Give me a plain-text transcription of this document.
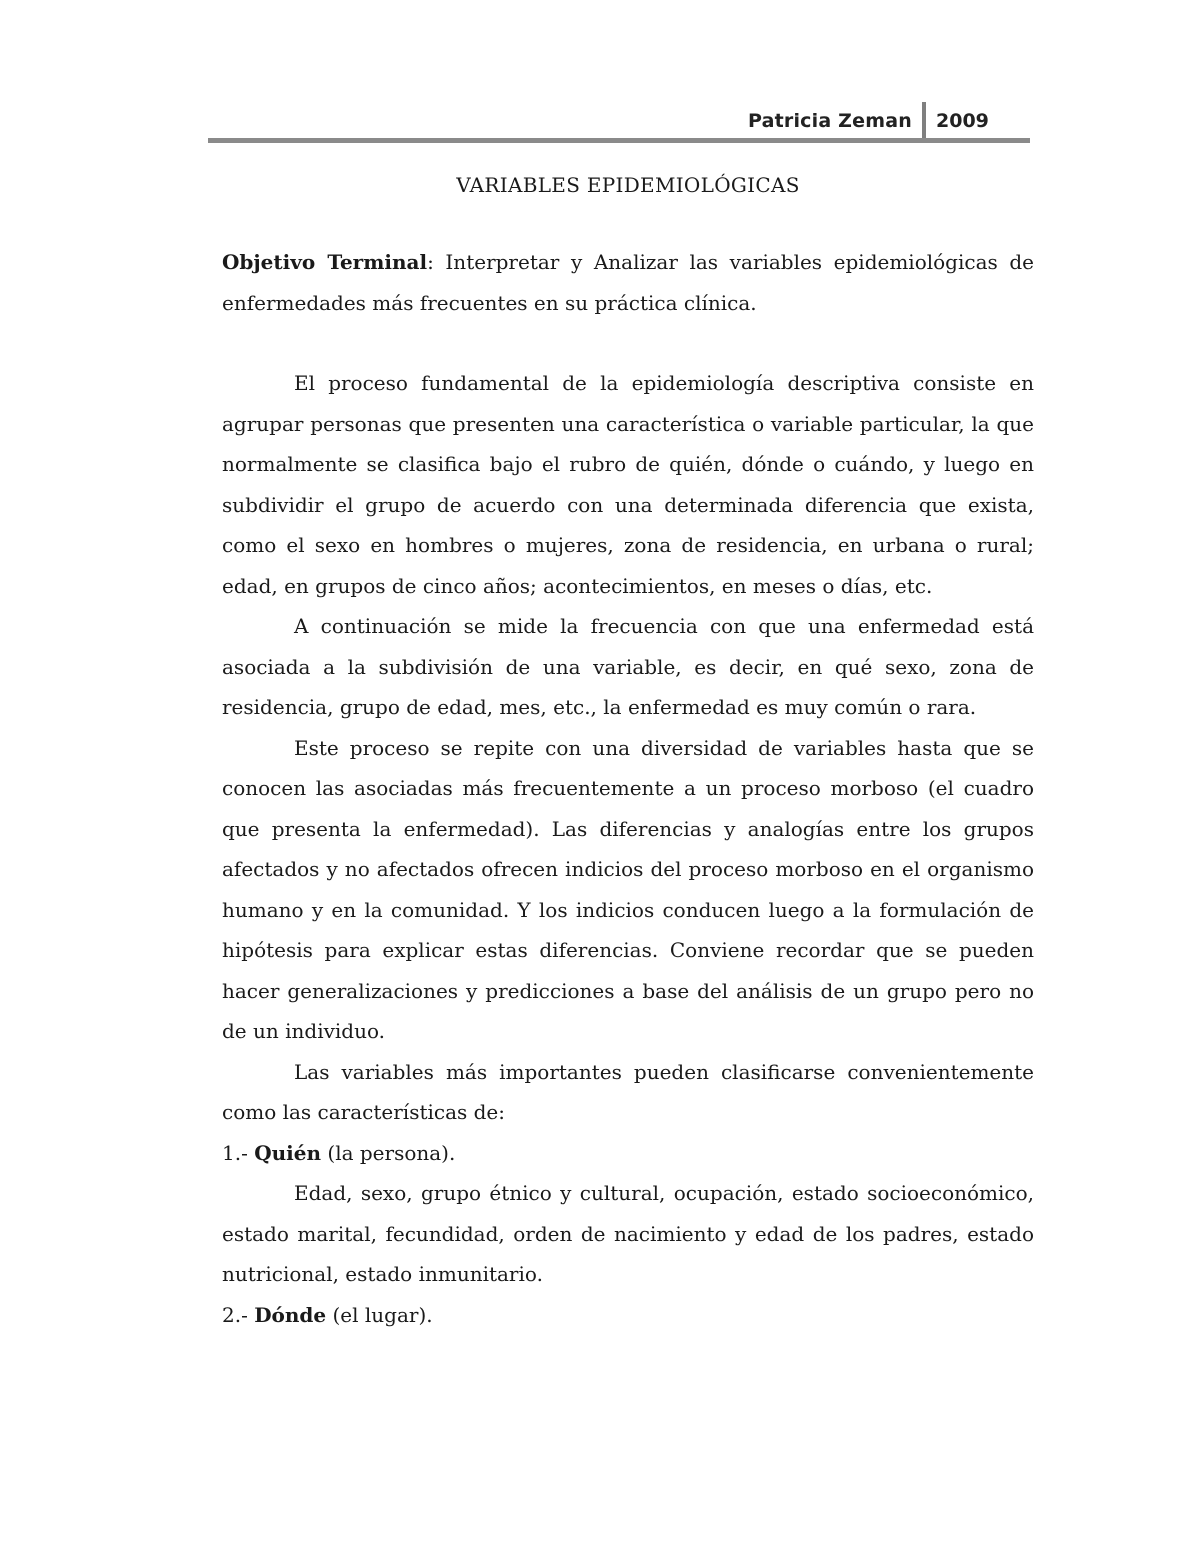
Patricia Zeman 2009
VARIABLES EPIDEMIOLÓGICAS

Objetivo Terminal: Interpretar y Analizar las variables epidemiológicas de enfermedades más frecuentes en su práctica clínica.

El proceso fundamental de la epidemiología descriptiva consiste en agrupar personas que presenten una característica o variable particular, la que normalmente se clasifica bajo el rubro de quién, dónde o cuándo, y luego en subdividir el grupo de acuerdo con una determinada diferencia que exista, como el sexo en hombres o mujeres, zona de residencia, en urbana o rural; edad, en grupos de cinco años; acontecimientos, en meses o días, etc.

A continuación se mide la frecuencia con que una enfermedad está asociada a la subdivisión de una variable, es decir, en qué sexo, zona de residencia, grupo de edad, mes, etc., la enfermedad es muy común o rara.

Este proceso se repite con una diversidad de variables hasta que se conocen las asociadas más frecuentemente a un proceso morboso (el cuadro que presenta la enfermedad). Las diferencias y analogías entre los grupos afectados y no afectados ofrecen indicios del proceso morboso en el organismo humano y en la comunidad. Y los indicios conducen luego a la formulación de hipótesis para explicar estas diferencias. Conviene recordar que se pueden hacer generalizaciones y predicciones a base del análisis de un grupo pero no de un individuo.

Las variables más importantes pueden clasificarse convenientemente como las características de:

1.- Quién (la persona).

Edad, sexo, grupo étnico y cultural, ocupación, estado socioeconómico, estado marital, fecundidad, orden de nacimiento y edad de los padres, estado nutricional, estado inmunitario.

2.- Dónde (el lugar).
